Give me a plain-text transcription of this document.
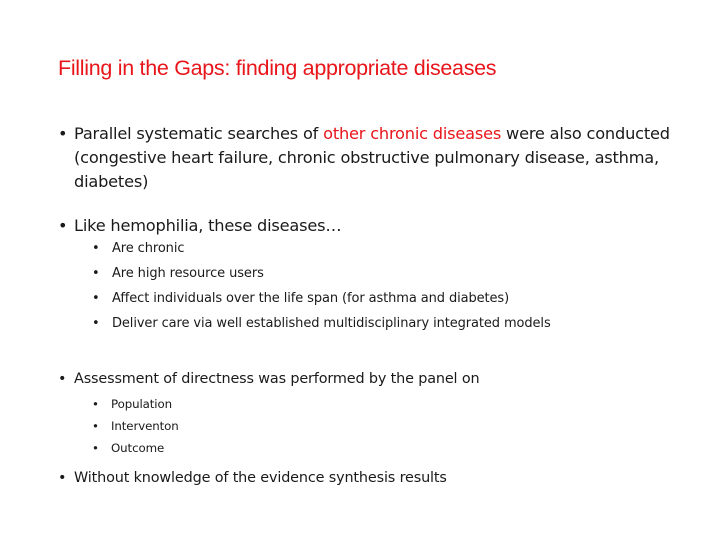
Filling in the Gaps: finding appropriate diseases
• Parallel systematic searches of other chronic diseases were also conducted (congestive heart failure, chronic obstructive pulmonary disease, asthma, diabetes)
• Like hemophilia, these diseases…
• Are chronic
• Are high resource users
• Affect individuals over the life span (for asthma and diabetes)
• Deliver care via well established multidisciplinary integrated models
• Assessment of directness was performed by the panel on
•	Population
•	Interventon
•	Outcome
• Without knowledge of the evidence synthesis results
